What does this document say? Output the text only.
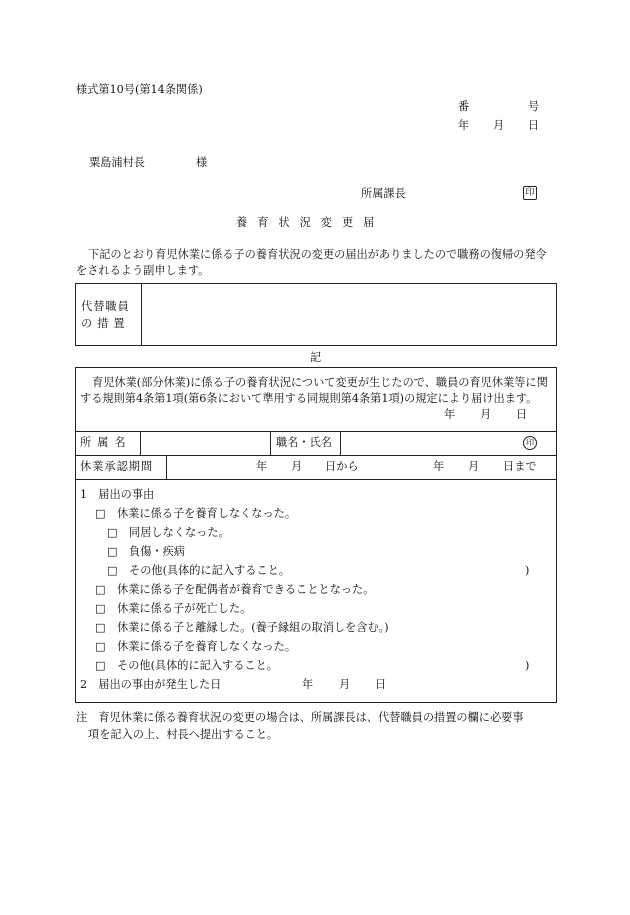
様式第10号(第14条関係)
番	号
年 月 日
粟島浦村長	様
所属課長	印
養育状況変更届
下記のとおり育児休業に係る子の養育状況の変更の届出がありましたので職務の復帰の発令をされるよう副申します。
代替職員
の措置
記
育児休業(部分休業)に係る子の養育状況について変更が生じたので、職員の育児休業等に関する規則第4条第1項(第6条において準用する同規則第4条第1項)の規定により届け出ます。
年 月 日
所属名	職名・氏名	印
休業承認期間	年 月 日から	年 月 日まで
1　届出の事由
□ 休業に係る子を養育しなくなった。
□ 同居しなくなった。
□ 負傷・疾病
□ その他(具体的に記入すること。	)
□ 休業に係る子を配偶者が養育できることとなった。
□ 休業に係る子が死亡した。
□ 休業に係る子と離縁した。(養子縁組の取消しを含む。)
□ 休業に係る子を養育しなくなった。
□ その他(具体的に記入すること。	)
2　届出の事由が発生した日	年 月 日
注　育児休業に係る養育状況の変更の場合は、所属課長は、代替職員の措置の欄に必要事
項を記入の上、村長へ提出すること。
